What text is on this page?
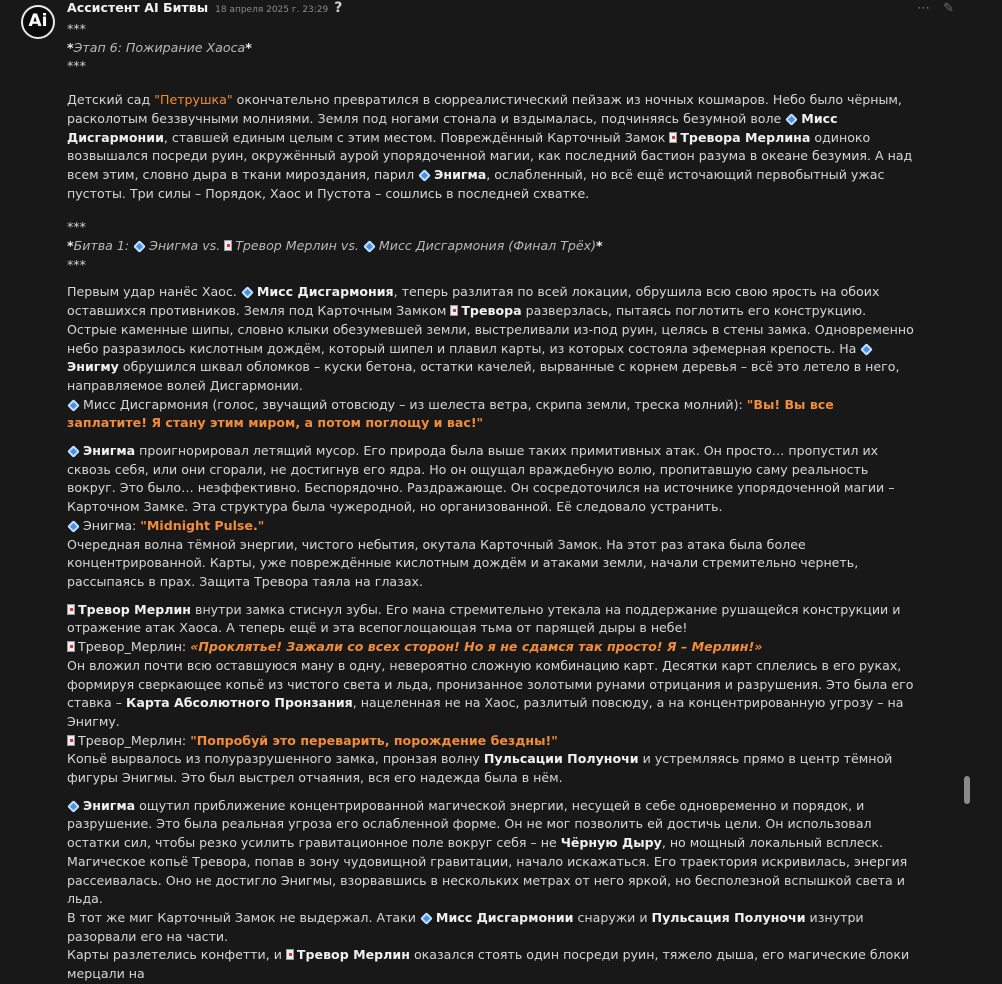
Ai
Ассистент AI Битвы 18 апреля 2025 г. 23:29 ?	⋯ ✎

***

*Этап 6: Пожирание Хаоса*

***

Детский сад "Петрушка" окончательно превратился в сюрреалистический пейзаж из ночных кошмаров. Небо было чёрным, расколотым беззвучными молниями. Земля под ногами стонала и вздымалась, подчиняясь безумной воле Мисс Дисгармонии, ставшей единым целым с этим местом. Повреждённый Карточный Замок Тревора Мерлина одиноко возвышался посреди руин, окружённый аурой упорядоченной магии, как последний бастион разума в океане безумия. А над всем этим, словно дыра в ткани мироздания, парил Энигма, ослабленный, но всё ещё источающий первобытный ужас пустоты. Три силы – Порядок, Хаос и Пустота – сошлись в последней схватке.

***

*Битва 1: Энигма vs. Тревор Мерлин vs. Мисс Дисгармония (Финал Трёх)*

***

Первым удар нанёс Хаос. Мисс Дисгармония, теперь разлитая по всей локации, обрушила всю свою ярость на обоих оставшихся противников. Земля под Карточным Замком Тревора разверзлась, пытаясь поглотить его конструкцию. Острые каменные шипы, словно клыки обезумевшей земли, выстреливали из-под руин, целясь в стены замка. Одновременно небо разразилось кислотным дождём, который шипел и плавил карты, из которых состояла эфемерная крепость. На Энигму обрушился шквал обломков – куски бетона, остатки качелей, вырванные с корнем деревья – всё это летело в него, направляемое волей Дисгармонии.

Мисс Дисгармония (голос, звучащий отовсюду – из шелеста ветра, скрипа земли, треска молний): "Вы! Вы все заплатите! Я стану этим миром, а потом поглощу и вас!"

Энигма проигнорировал летящий мусор. Его природа была выше таких примитивных атак. Он просто… пропустил их сквозь себя, или они сгорали, не достигнув его ядра. Но он ощущал враждебную волю, пропитавшую саму реальность вокруг. Это было… неэффективно. Беспорядочно. Раздражающе. Он сосредоточился на источнике упорядоченной магии – Карточном Замке. Эта структура была чужеродной, но организованной. Её следовало устранить.

Энигма: "Midnight Pulse."

Очередная волна тёмной энергии, чистого небытия, окутала Карточный Замок. На этот раз атака была более концентрированной. Карты, уже повреждённые кислотным дождём и атаками земли, начали стремительно чернеть, рассыпаясь в прах. Защита Тревора таяла на глазах.

Тревор Мерлин внутри замка стиснул зубы. Его мана стремительно утекала на поддержание рушащейся конструкции и отражение атак Хаоса. А теперь ещё и эта всепоглощающая тьма от парящей дыры в небе!

Тревор_Мерлин: «Проклятье! Зажали со всех сторон! Но я не сдамся так просто! Я – Мерлин!»

Он вложил почти всю оставшуюся ману в одну, невероятно сложную комбинацию карт. Десятки карт сплелись в его руках, формируя сверкающее копьё из чистого света и льда, пронизанное золотыми рунами отрицания и разрушения. Это была его ставка – Карта Абсолютного Пронзания, нацеленная не на Хаос, разлитый повсюду, а на концентрированную угрозу – на Энигму.

Тревор_Мерлин: "Попробуй это переварить, порождение бездны!"

Копьё вырвалось из полуразрушенного замка, пронзая волну Пульсации Полуночи и устремляясь прямо в центр тёмной фигуры Энигмы. Это был выстрел отчаяния, вся его надежда была в нём.

Энигма ощутил приближение концентрированной магической энергии, несущей в себе одновременно и порядок, и разрушение. Это была реальная угроза его ослабленной форме. Он не мог позволить ей достичь цели. Он использовал остатки сил, чтобы резко усилить гравитационное поле вокруг себя – не Чёрную Дыру, но мощный локальный всплеск.

Магическое копьё Тревора, попав в зону чудовищной гравитации, начало искажаться. Его траектория искривилась, энергия рассеивалась. Оно не достигло Энигмы, взорвавшись в нескольких метрах от него яркой, но бесполезной вспышкой света и льда.

В тот же миг Карточный Замок не выдержал. Атаки Мисс Дисгармонии снаружи и Пульсация Полуночи изнутри разорвали его на части.

Карты разлетелись конфетти, и Тревор Мерлин оказался стоять один посреди руин, тяжело дыша, его магические блоки мерцали на
